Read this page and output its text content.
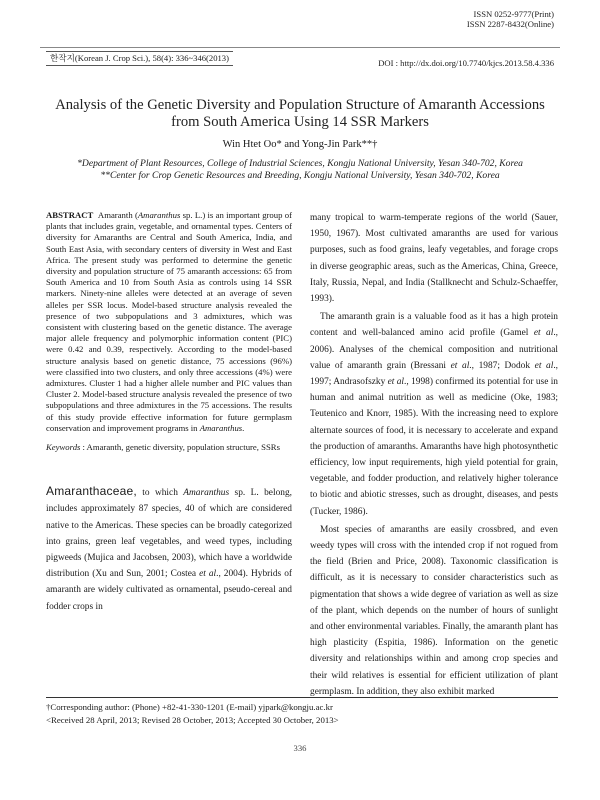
ISSN 0252-9777(Print)
ISSN 2287-8432(Online)
한작지(Korean J. Crop Sci.), 58(4): 336~346(2013)	DOI : http://dx.doi.org/10.7740/kjcs.2013.58.4.336
Analysis of the Genetic Diversity and Population Structure of Amaranth Accessions
from South America Using 14 SSR Markers
Win Htet Oo* and Yong-Jin Park**†
*Department of Plant Resources, College of Industrial Sciences, Kongju National University, Yesan 340-702, Korea
**Center for Crop Genetic Resources and Breeding, Kongju National University, Yesan 340-702, Korea

ABSTRACT Amaranth (Amaranthus sp. L.) is an important group of plants that includes grain, vegetable, and ornamental types. Centers of diversity for Amaranths are Central and South America, India, and South East Asia, with secondary centers of diversity in West and East Africa. The present study was performed to determine the genetic diversity and population structure of 75 amaranth accessions: 65 from South America and 10 from South Asia as controls using 14 SSR markers. Ninety-nine alleles were detected at an average of seven alleles per SSR locus. Model-based structure analysis revealed the presence of two subpopulations and 3 admixtures, which was consistent with clustering based on the genetic distance. The average major allele frequency and polymorphic information content (PIC) were 0.42 and 0.39, respectively. According to the model-based structure analysis based on genetic distance, 75 accessions (96%) were classified into two clusters, and only three accessions (4%) were admixtures. Cluster 1 had a higher allele number and PIC values than Cluster 2. Model-based structure analysis revealed the presence of two subpopulations and three admixtures in the 75 accessions. The results of this study provide effective information for future germplasm conservation and improvement programs in Amaranthus.

Keywords : Amaranth, genetic diversity, population structure, SSRs

Amaranthaceae, to which Amaranthus sp. L. belong, includes approximately 87 species, 40 of which are considered native to the Americas. These species can be broadly categorized into grains, green leaf vegetables, and weed types, including pigweeds (Mujica and Jacobsen, 2003), which have a worldwide distribution (Xu and Sun, 2001; Costea et al., 2004). Hybrids of amaranth are widely cultivated as ornamental, pseudo-cereal and fodder crops in

many tropical to warm-temperate regions of the world (Sauer, 1950, 1967). Most cultivated amaranths are used for various purposes, such as food grains, leafy vegetables, and forage crops in diverse geographic areas, such as the Americas, China, Greece, Italy, Russia, Nepal, and India (Stallknecht and Schulz-Schaeffer, 1993).

The amaranth grain is a valuable food as it has a high protein content and well-balanced amino acid profile (Gamel et al., 2006). Analyses of the chemical composition and nutritional value of amaranth grain (Bressani et al., 1987; Dodok et al., 1997; Andrasofszky et al., 1998) confirmed its potential for use in human and animal nutrition as well as medicine (Oke, 1983; Teutenico and Knorr, 1985). With the increasing need to explore alternate sources of food, it is necessary to accelerate and expand the production of amaranths. Amaranths have high photosynthetic efficiency, low input requirements, high yield potential for grain, vegetable, and fodder production, and relatively higher tolerance to biotic and abiotic stresses, such as drought, diseases, and pests (Tucker, 1986).

Most species of amaranths are easily crossbred, and even weedy types will cross with the intended crop if not rogued from the field (Brien and Price, 2008). Taxonomic classification is difficult, as it is necessary to consider characteristics such as pigmentation that shows a wide degree of variation as well as size of the plant, which depends on the number of hours of sunlight and other environmental variables. Finally, the amaranth plant has high plasticity (Espitia, 1986). Information on the genetic diversity and relationships within and among crop species and their wild relatives is essential for efficient utilization of plant germplasm. In addition, they also exhibit marked

†Corresponding author: (Phone) +82-41-330-1201 (E-mail) yjpark@kongju.ac.kr
<Received 28 April, 2013; Revised 28 October, 2013; Accepted 30 October, 2013>
336
